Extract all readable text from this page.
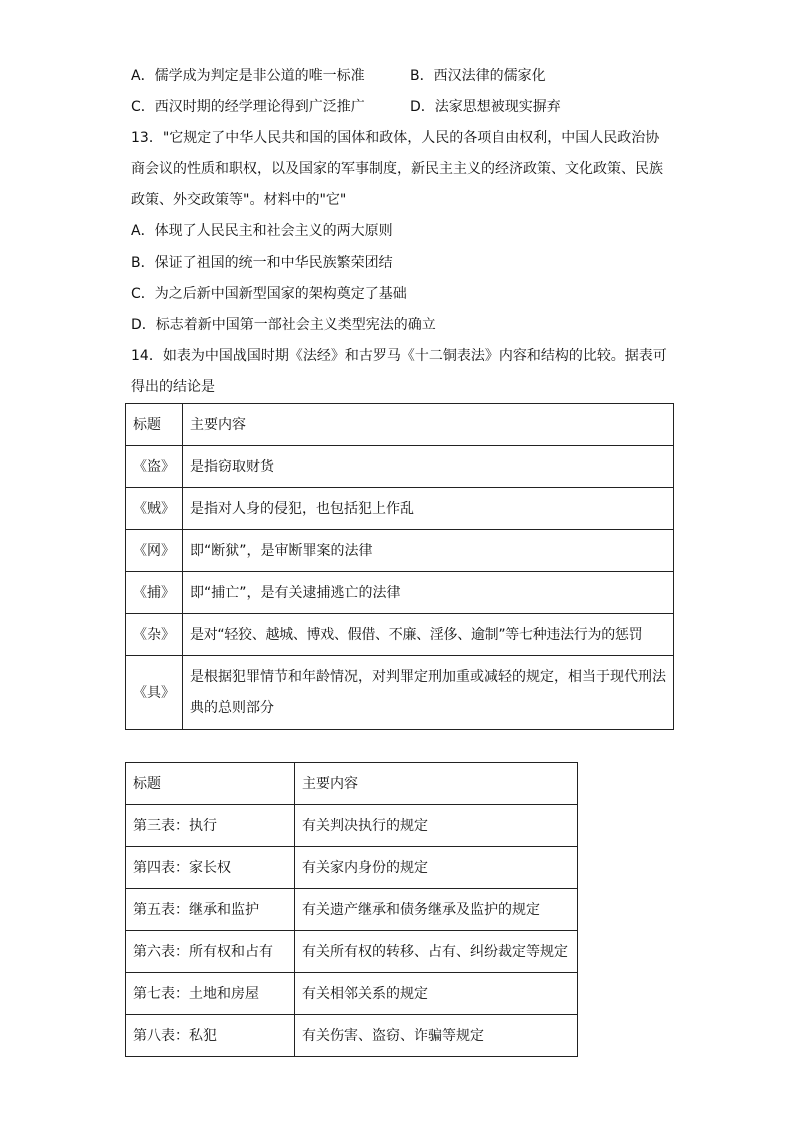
A．儒学成为判定是非公道的唯一标准	B．西汉法律的儒家化
C．西汉时期的经学理论得到广泛推广	D．法家思想被现实摒弃
13．"它规定了中华人民共和国的国体和政体，人民的各项自由权利，中国人民政治协
商会议的性质和职权，以及国家的军事制度，新民主主义的经济政策、文化政策、民族
政策、外交政策等"。材料中的"它"
A．体现了人民民主和社会主义的两大原则
B．保证了祖国的统一和中华民族繁荣团结
C．为之后新中国新型国家的架构奠定了基础
D．标志着新中国第一部社会主义类型宪法的确立
14．如表为中国战国时期《法经》和古罗马《十二铜表法》内容和结构的比较。据表可
得出的结论是
标题	主要内容
《盗》	是指窃取财货
《贼》	是指对人身的侵犯，也包括犯上作乱
《网》	即“断狱”，是审断罪案的法律
《捕》	即“捕亡”，是有关逮捕逃亡的法律
《杂》	是对“轻狡、越城、博戏、假借、不廉、淫侈、逾制”等七种违法行为的惩罚
《具》	是根据犯罪情节和年龄情况，对判罪定刑加重或减轻的规定，相当于现代刑法
典的总则部分
标题	主要内容
第三表：执行	有关判决执行的规定
第四表：家长权	有关家内身份的规定
第五表：继承和监护	有关遗产继承和债务继承及监护的规定
第六表：所有权和占有	有关所有权的转移、占有、纠纷裁定等规定
第七表：土地和房屋	有关相邻关系的规定
第八表：私犯	有关伤害、盗窃、诈骗等规定
